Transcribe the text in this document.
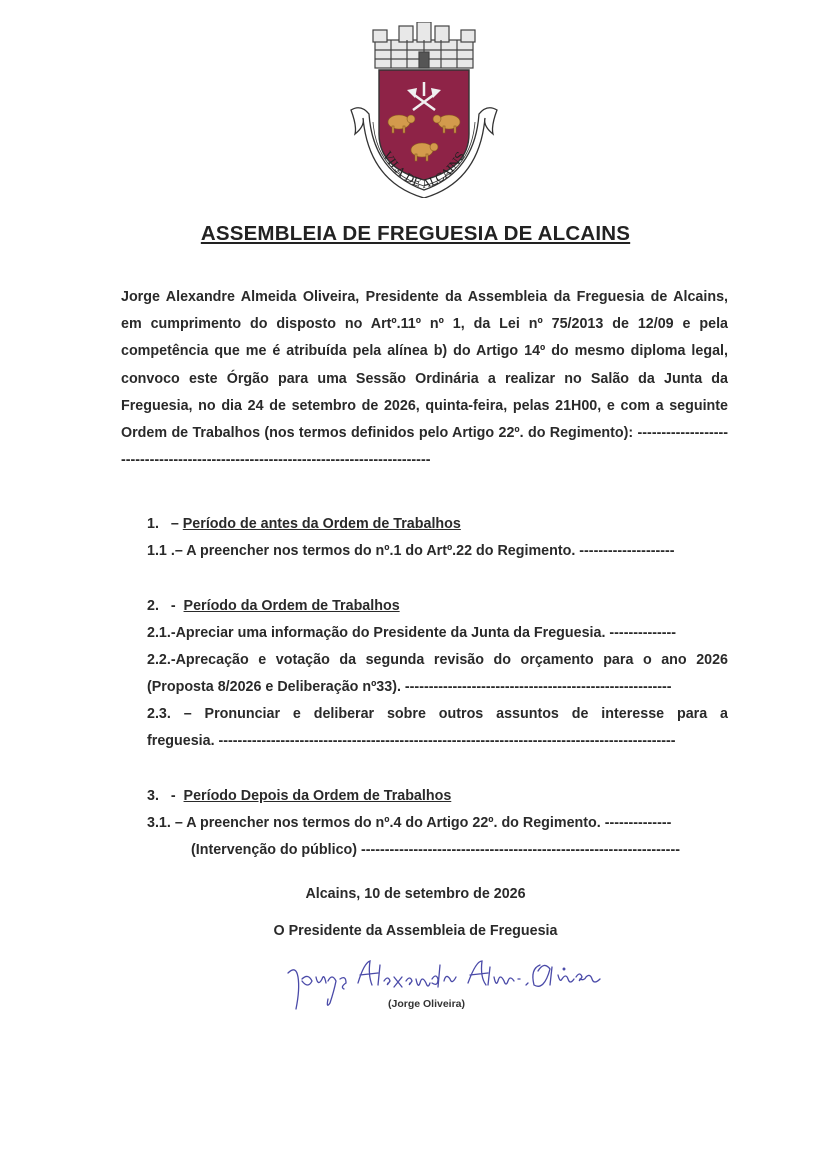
VILA DE ALCAINS
ASSEMBLEIA DE FREGUESIA DE ALCAINS
Jorge Alexandre Almeida Oliveira, Presidente da Assembleia da Freguesia de Alcains, em cumprimento do disposto no Artº.11º nº 1, da Lei nº 75/2013 de 12/09 e pela competência que me é atribuída pela alínea b) do Artigo 14º do mesmo diploma legal, convoco este Órgão para uma Sessão Ordinária a realizar no Salão da Junta da Freguesia, no dia 24 de setembro de 2026, quinta-feira, pelas 21H00, e com a seguinte Ordem de Trabalhos (nos termos definidos pelo Artigo 22º. do Regimento): ------------------------------------------------------------------------------------
1.   – Período de antes da Ordem de Trabalhos
1.1 .– A preencher nos termos do nº.1 do Artº.22 do Regimento. --------------------
2.   -  Período da Ordem de Trabalhos
2.1.-Apreciar uma informação do Presidente da Junta da Freguesia. --------------
2.2.-Aprecação e votação da segunda revisão do orçamento para o ano 2026
(Proposta 8/2026 e Deliberação nº33). --------------------------------------------------------
2.3. – Pronunciar e deliberar sobre outros assuntos de interesse para a
freguesia. ------------------------------------------------------------------------------------------------
3.   -  Período Depois da Ordem de Trabalhos
3.1. – A preencher nos termos do nº.4 do Artigo 22º. do Regimento. --------------
(Intervenção do público) -------------------------------------------------------------------
Alcains, 10 de setembro de 2026
O Presidente da Assembleia de Freguesia
Jorge Alexandre Almeida Oliveira
(Jorge Oliveira)
